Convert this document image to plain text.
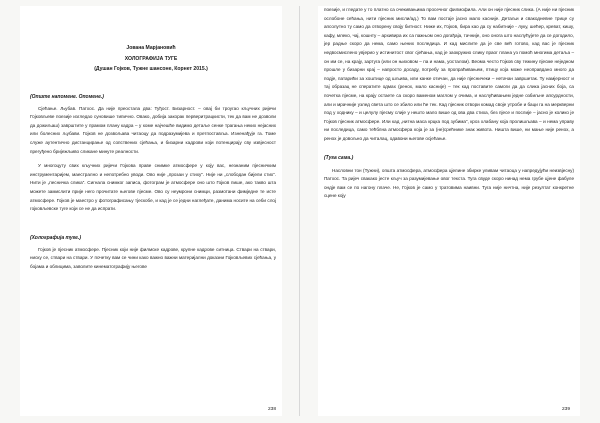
Јована Марјановић
ХОЛОГРАФИЈА ТУГЕ
(Душан Гојков, Тужне шансоне, Корнет 2015.)
(Опште напомене. Опомене.)

Сјећање. Љубав. Патхос. Да није преостала два: Туђост. Бизарност. – овај би троугао кључних ријечи Гојковљеве поезије изгледао суновише типично. Овако, добија закорак перверитрацкисти, тек да вам не дозволи да дожиљаш) заврштите у прамом плану кадра – у коме најчешће видимо детаље сенке трагања неких нејасних или болесних љубави. Гојков не дозвољава читаоцу да подразумијева и претпоставља. Изненађује га. Томе служе аутентично дистанцирање од сопствених сјећања, и бизарни кадрови који потенцирају сву извјесност прегуђено бријежљиво сликане минуте реалности.

У многоцуту свих кључних ријечи Гојкова праве снимке атмосфере у коју вас, незнаним пјесничким инструментаријем, маестрално и непотребно уводи. Ово није „прозаи у стиху“. Није ни „слободан бијели стих“. Нити је „песничка слика“. Сигнала снимког записа, фотограм је атмосфере оно што Гојков пише, ако такво шта можете замислити прије него прочитате његове пјесме. Ово су неумрони снимци, размотани фимједне те исте атмосфере. Гојков је маестро у фотографисању тјескобе, и кад је се једни наглеђате, данима носите на себи слој гојковљевске туге који се не да испрати.

(Холографија туге.)

Гојков је пјесник атмосфере. Пјесник који није филмске кадрове, крупне кадрове ситница. Ствари на ствари, ниску се, ствари на ствари. У почетку вам се чини како важно важни материјални доказни Гојковљевих сјећања, у бојама и облицима, заволите кинематографију његове

238

поезије, и гледате у то платно са очекивањима просечног филмофила. Али он није пјесник слика. (А није ни пјесник ослобоне сећања, нити пјесник мисли/ад.) То вам постаје јасно мало касније. Детаљи и свакодневне трице су апсолутно ту само да отворену своју битност. Ниже их, Гојков, бира као да су набитније - луку, шећер, креват, кишу, кафу, млеко, чај, кошнту – архивира их са пажњом оно догађаја, тачније, оно онога што наслућујете да се догодило, јер радње скоро да нема, само њених последица. И кад мислите да је све већ готово, кад вас је пјесник недвосмислено увјерио у истинитост свог сјећања, кад је заокружио слику праог плана уз помоћ многима детаља – он им се, на крају, зартуга (или он њиховом – па и нама, уосталом). Веома често Гојков сву тежину пјесме неједном прошле у бизарни крај – напросто досаду, потребу за пропраћивањем, птицу која може неоправдано много да подје, патарићи за хоштице од шљива, или канке отичан, да није пјесничеки – нетачан завршетак. Ту намјерност и тај образац не сператите одмах (ренох, мало касније) – тек кад поставите самоги да да слика јасних боја, са почетка пјесме, на крају остаете са скоро ваменом маглом у очима, и наслућивањем једне озбиљне апсурдности, али и мрачније узлед света што се збило или ће тек. Кад пјесник отвори комад своје утробе и баци га на меркверни под у ходнику – и целулу пјесму слије у нешто мало више од ова два стиха, без пјесе и послије – јасно је колико је Гојков пјесник атмосфере. Или кад „нитна маса крцка под зубима“, кроз хлабану која пролишљава – и нема управу ни последица, само тећблна атмосфера која је за (не)срећнике знак живота. Ништа више, ни мање није ренох, а ренох је довољно да читалац, одавони његове осјећање.

(Туга сама.)

Насловни тон (Тужни), општа атмосфера, атмосфера цјелине збирке уливам читаоца у напредујући неизвјесну) Патхос. Та ријеч свакако јесте кључ за разумијевање овог текста. Туга свуде скоро нинад нема грубе цјене фабуле ондје вам се по нагону плаче. Не, Гојков је само у тратовима наивни. Туга није ничтна, није резултат конкретне сцене коју

239
